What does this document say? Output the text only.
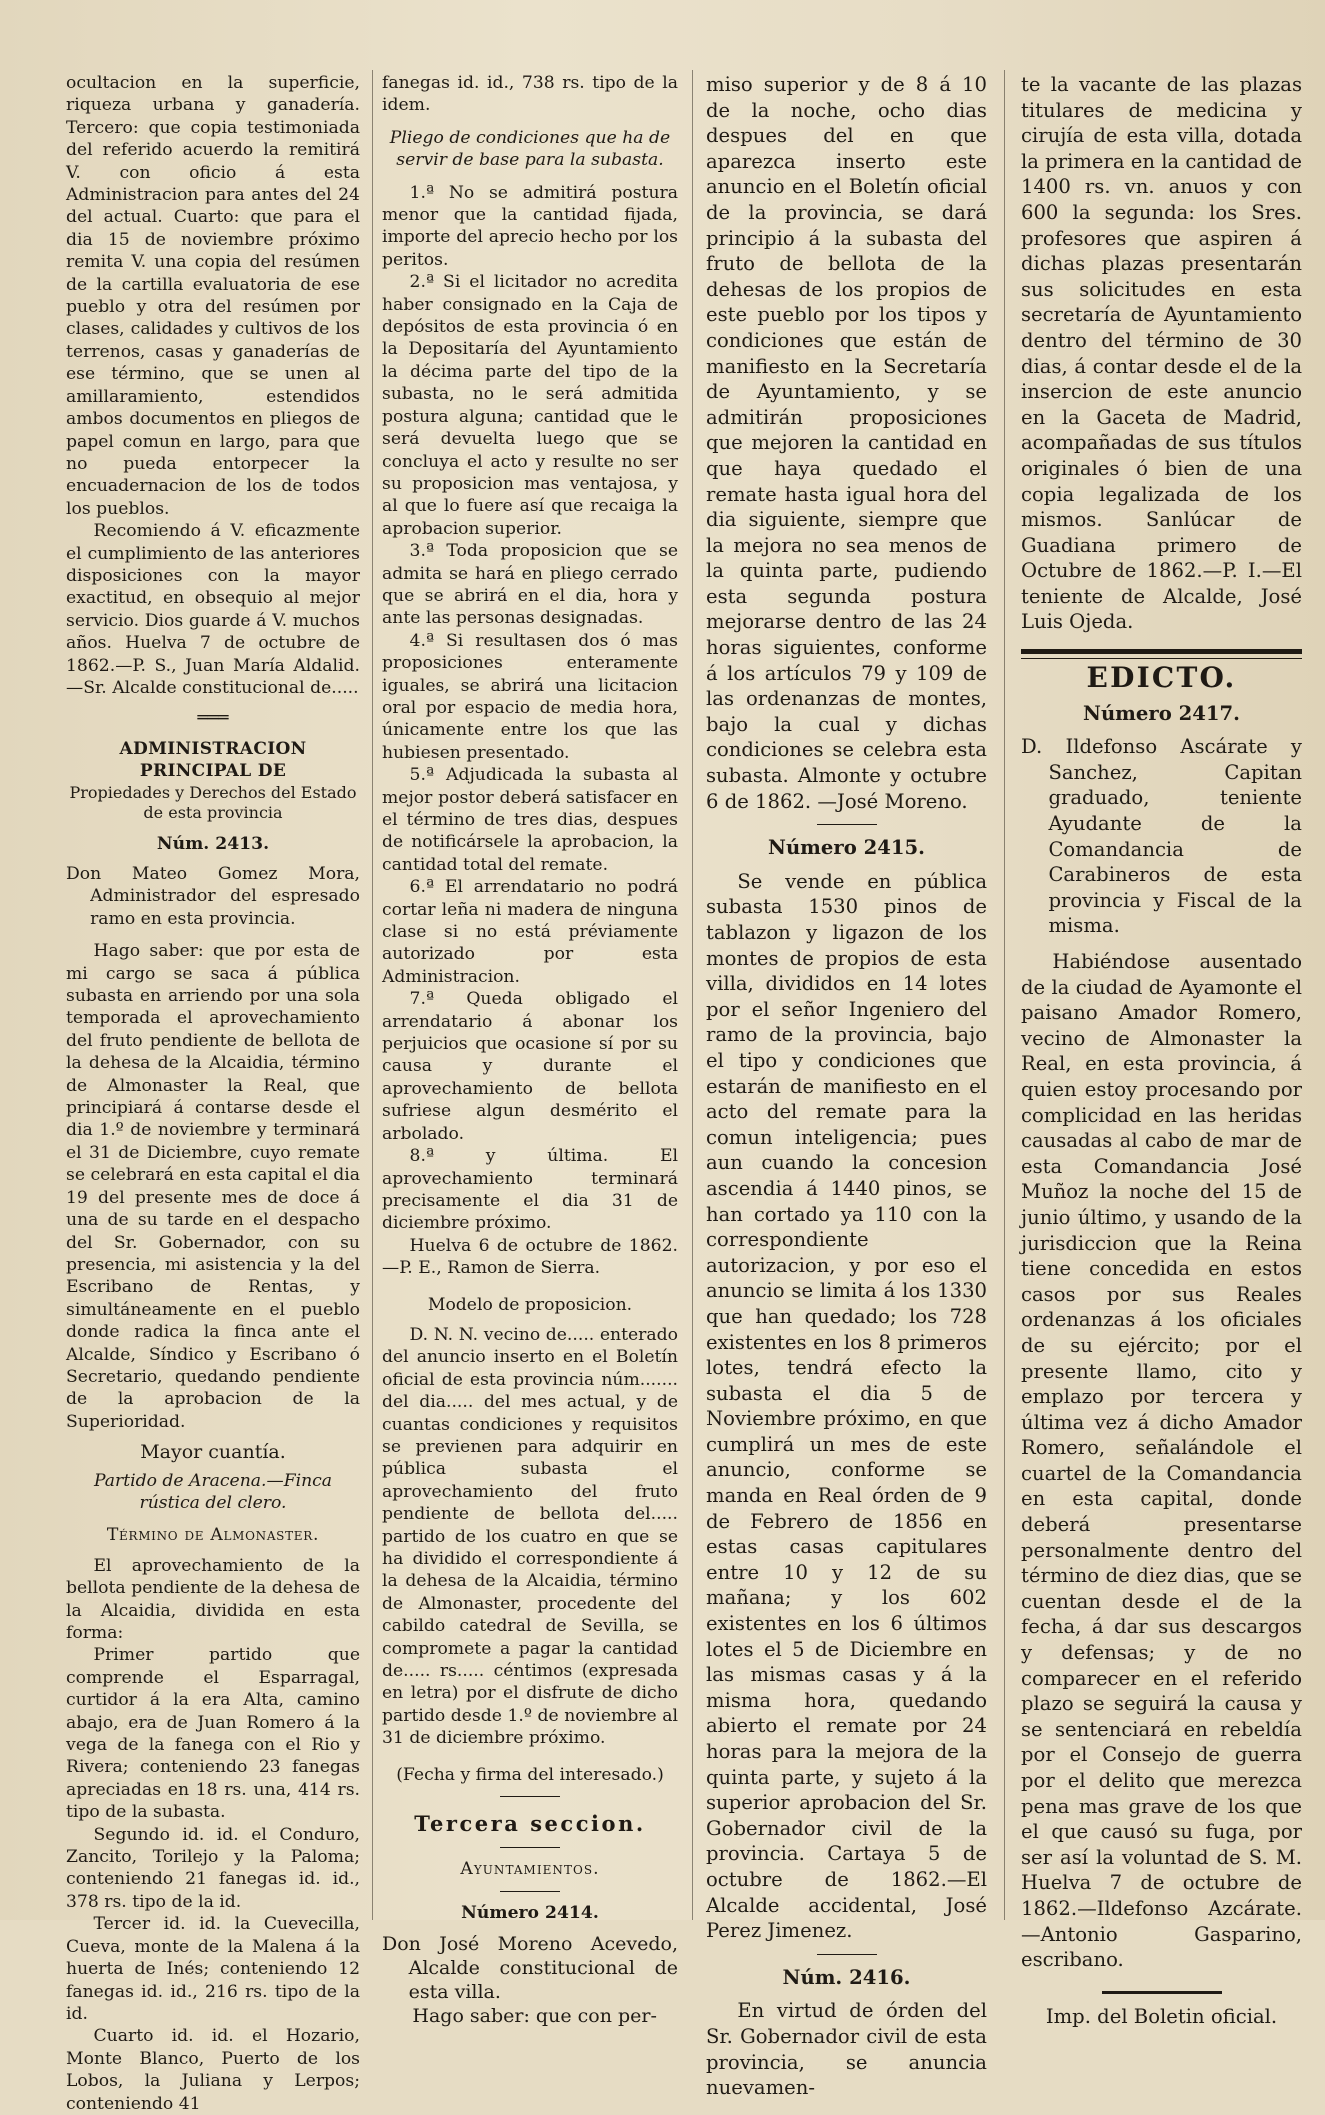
ocultacion en la superficie, riqueza urbana y ganadería. Tercero: que copia testimoniada del referido acuerdo la remitirá V. con oficio á esta Administracion para antes del 24 del actual. Cuarto: que para el dia 15 de noviembre próximo remita V. una copia del resúmen de la cartilla evaluatoria de ese pueblo y otra del resúmen por clases, calidades y cultivos de los terrenos, casas y ganaderías de ese término, que se unen al amillaramiento, estendidos ambos documentos en pliegos de papel comun en largo, para que no pueda entorpecer la encuadernacion de los de todos los pueblos.

Recomiendo á V. eficazmente el cumplimiento de las anteriores disposiciones con la mayor exactitud, en obsequio al mejor servicio. Dios guarde á V. muchos años. Huelva 7 de octubre de 1862.—P. S., Juan María Aldalid.—Sr. Alcalde constitucional de.....

═══
ADMINISTRACION PRINCIPAL DE
Propiedades y Derechos del Estado de esta provincia
Núm. 2413.

Don Mateo Gomez Mora, Administrador del espresado ramo en esta provincia.

Hago saber: que por esta de mi cargo se saca á pública subasta en arriendo por una sola temporada el aprovechamiento del fruto pendiente de bellota de la dehesa de la Alcaidia, término de Almonaster la Real, que principiará á contarse desde el dia 1.º de noviembre y terminará el 31 de Diciembre, cuyo remate se celebrará en esta capital el dia 19 del presente mes de doce á una de su tarde en el despacho del Sr. Gobernador, con su presencia, mi asistencia y la del Escribano de Rentas, y simultáneamente en el pueblo donde radica la finca ante el Alcalde, Síndico y Escribano ó Secretario, quedando pendiente de la aprobacion de la Superioridad.

Mayor cuantía.

Partido de Aracena.—Finca rústica del clero.

Término de Almonaster.

El aprovechamiento de la bellota pendiente de la dehesa de la Alcaidia, dividida en esta forma:

Primer partido que comprende el Esparragal, curtidor á la era Alta, camino abajo, era de Juan Romero á la vega de la fanega con el Rio y Rivera; conteniendo 23 fanegas apreciadas en 18 rs. una, 414 rs. tipo de la subasta.

Segundo id. id. el Conduro, Zancito, Torilejo y la Paloma; conteniendo 21 fanegas id. id., 378 rs. tipo de la id.

Tercer id. id. la Cuevecilla, Cueva, monte de la Malena á la huerta de Inés; conteniendo 12 fanegas id. id., 216 rs. tipo de la id.

Cuarto id. id. el Hozario, Monte Blanco, Puerto de los Lobos, la Juliana y Lerpos; conteniendo 41

fanegas id. id., 738 rs. tipo de la idem.

Pliego de condiciones que ha de servir de base para la subasta.

1.ª No se admitirá postura menor que la cantidad fijada, importe del aprecio hecho por los peritos.

2.ª Si el licitador no acredita haber consignado en la Caja de depósitos de esta provincia ó en la Depositaría del Ayuntamiento la décima parte del tipo de la subasta, no le será admitida postura alguna; cantidad que le será devuelta luego que se concluya el acto y resulte no ser su proposicion mas ventajosa, y al que lo fuere así que recaiga la aprobacion superior.

3.ª Toda proposicion que se admita se hará en pliego cerrado que se abrirá en el dia, hora y ante las personas designadas.

4.ª Si resultasen dos ó mas proposiciones enteramente iguales, se abrirá una licitacion oral por espacio de media hora, únicamente entre los que las hubiesen presentado.

5.ª Adjudicada la subasta al mejor postor deberá satisfacer en el término de tres dias, despues de notificársele la aprobacion, la cantidad total del remate.

6.ª El arrendatario no podrá cortar leña ni madera de ninguna clase si no está préviamente autorizado por esta Administracion.

7.ª Queda obligado el arrendatario á abonar los perjuicios que ocasione sí por su causa y durante el aprovechamiento de bellota sufriese algun desmérito el arbolado.

8.ª y última. El aprovechamiento terminará precisamente el dia 31 de diciembre próximo.

Huelva 6 de octubre de 1862.—P. E., Ramon de Sierra.

Modelo de proposicion.

D. N. N. vecino de..... enterado del anuncio inserto en el Boletín oficial de esta provincia núm....... del dia..... del mes actual, y de cuantas condiciones y requisitos se previenen para adquirir en pública subasta el aprovechamiento del fruto pendiente de bellota del..... partido de los cuatro en que se ha dividido el correspondiente á la dehesa de la Alcaidia, término de Almonaster, procedente del cabildo catedral de Sevilla, se compromete a pagar la cantidad de..... rs..... céntimos (expresada en letra) por el disfrute de dicho partido desde 1.º de noviembre al 31 de diciembre próximo.

(Fecha y firma del interesado.)

Tercera seccion.
Ayuntamientos.
Número 2414.

Don José Moreno Acevedo, Alcalde constitucional de esta villa.

Hago saber: que con per-

miso superior y de 8 á 10 de la noche, ocho dias despues del en que aparezca inserto este anuncio en el Boletín oficial de la provincia, se dará principio á la subasta del fruto de bellota de la dehesas de los propios de este pueblo por los tipos y condiciones que están de manifiesto en la Secretaría de Ayuntamiento, y se admitirán proposiciones que mejoren la cantidad en que haya quedado el remate hasta igual hora del dia siguiente, siempre que la mejora no sea menos de la quinta parte, pudiendo esta segunda postura mejorarse dentro de las 24 horas siguientes, conforme á los artículos 79 y 109 de las ordenanzas de montes, bajo la cual y dichas condiciones se celebra esta subasta. Almonte y octubre 6 de 1862. —José Moreno.

Número 2415.

Se vende en pública subasta 1530 pinos de tablazon y ligazon de los montes de propios de esta villa, divididos en 14 lotes por el señor Ingeniero del ramo de la provincia, bajo el tipo y condiciones que estarán de manifiesto en el acto del remate para la comun inteligencia; pues aun cuando la concesion ascendia á 1440 pinos, se han cortado ya 110 con la correspondiente autorizacion, y por eso el anuncio se limita á los 1330 que han quedado; los 728 existentes en los 8 primeros lotes, tendrá efecto la subasta el dia 5 de Noviembre próximo, en que cumplirá un mes de este anuncio, conforme se manda en Real órden de 9 de Febrero de 1856 en estas casas capitulares entre 10 y 12 de su mañana; y los 602 existentes en los 6 últimos lotes el 5 de Diciembre en las mismas casas y á la misma hora, quedando abierto el remate por 24 horas para la mejora de la quinta parte, y sujeto á la superior aprobacion del Sr. Gobernador civil de la provincia. Cartaya 5 de octubre de 1862.—El Alcalde accidental, José Perez Jimenez.

Núm. 2416.

En virtud de órden del Sr. Gobernador civil de esta provincia, se anuncia nuevamen-

te la vacante de las plazas titulares de medicina y cirujía de esta villa, dotada la primera en la cantidad de 1400 rs. vn. anuos y con 600 la segunda: los Sres. profesores que aspiren á dichas plazas presentarán sus solicitudes en esta secretaría de Ayuntamiento dentro del término de 30 dias, á contar desde el de la insercion de este anuncio en la Gaceta de Madrid, acompañadas de sus títulos originales ó bien de una copia legalizada de los mismos. Sanlúcar de Guadiana primero de Octubre de 1862.—P. I.—El teniente de Alcalde, José Luis Ojeda.

EDICTO.
Número 2417.

D. Ildefonso Ascárate y Sanchez, Capitan graduado, teniente Ayudante de la Comandancia de Carabineros de esta provincia y Fiscal de la misma.

Habiéndose ausentado de la ciudad de Ayamonte el paisano Amador Romero, vecino de Almonaster la Real, en esta provincia, á quien estoy procesando por complicidad en las heridas causadas al cabo de mar de esta Comandancia José Muñoz la noche del 15 de junio último, y usando de la jurisdiccion que la Reina tiene concedida en estos casos por sus Reales ordenanzas á los oficiales de su ejército; por el presente llamo, cito y emplazo por tercera y última vez á dicho Amador Romero, señalándole el cuartel de la Comandancia en esta capital, donde deberá presentarse personalmente dentro del término de diez dias, que se cuentan desde el de la fecha, á dar sus descargos y defensas; y de no comparecer en el referido plazo se seguirá la causa y se sentenciará en rebeldía por el Consejo de guerra por el delito que merezca pena mas grave de los que el que causó su fuga, por ser así la voluntad de S. M. Huelva 7 de octubre de 1862.—Ildefonso Azcárate.—Antonio Gasparino, escribano.

Imp. del Boletin oficial.
